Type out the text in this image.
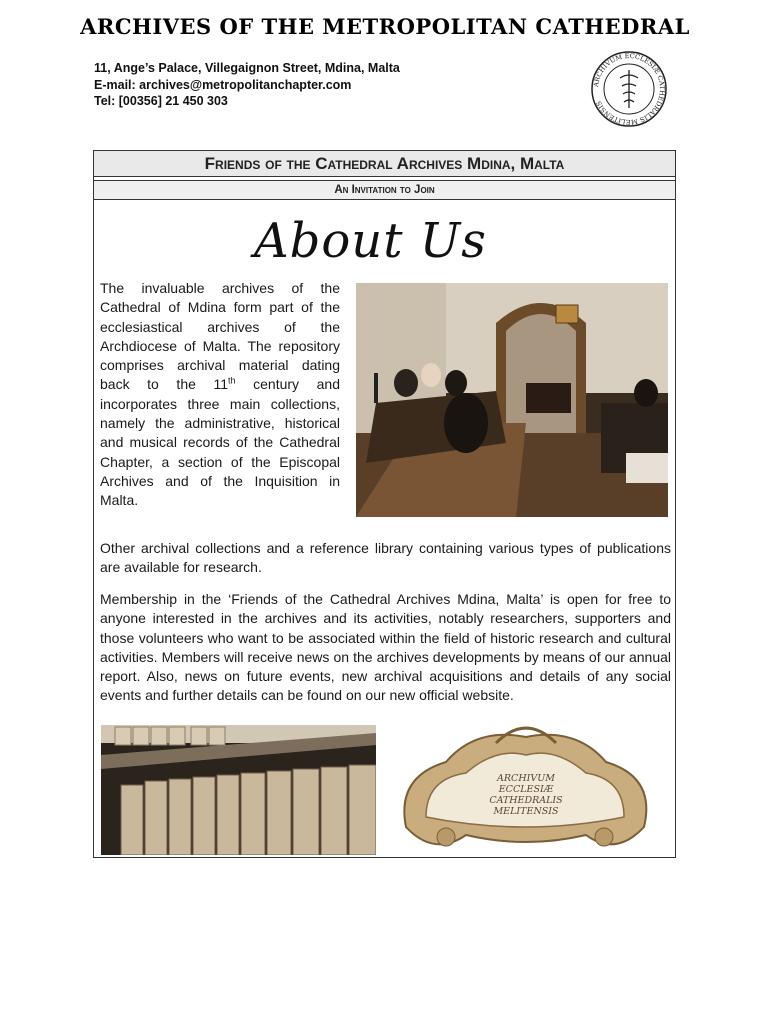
ARCHIVES OF THE METROPOLITAN CATHEDRAL
11, Ange’s Palace, Villegaignon Street, Mdina, Malta
E-mail: archives@metropolitanchapter.com
Tel: [00356] 21 450 303
ARCHIVUM ECCLESIÆ CATHEDRALIS MELITENSIS
Friends of the Cathedral Archives Mdina, Malta
An Invitation to Join
About Us
The invaluable archives of the Cathedral of Mdina form part of the ecclesiastical archives of the Archdiocese of Malta. The repository comprises archival material dating back to the 11th century and incorporates three main collections, namely the administrative, historical and musical records of the Cathedral Chapter, a section of the Episcopal Archives and of the Inquisition in Malta.

Other archival collections and a reference library containing various types of publications are available for research.

Membership in the ‘Friends of the Cathedral Archives Mdina, Malta’ is open for free to anyone interested in the archives and its activities, notably researchers, supporters and those volunteers who want to be associated within the field of historic research and cultural activities. Members will receive news on the archives developments by means of our annual report. Also, news on future events, new archival acquisitions and details of any social events and further details can be found on our new official website.

ARCHIVUM
ECCLESIÆ
CATHEDRALIS
MELITENSIS
